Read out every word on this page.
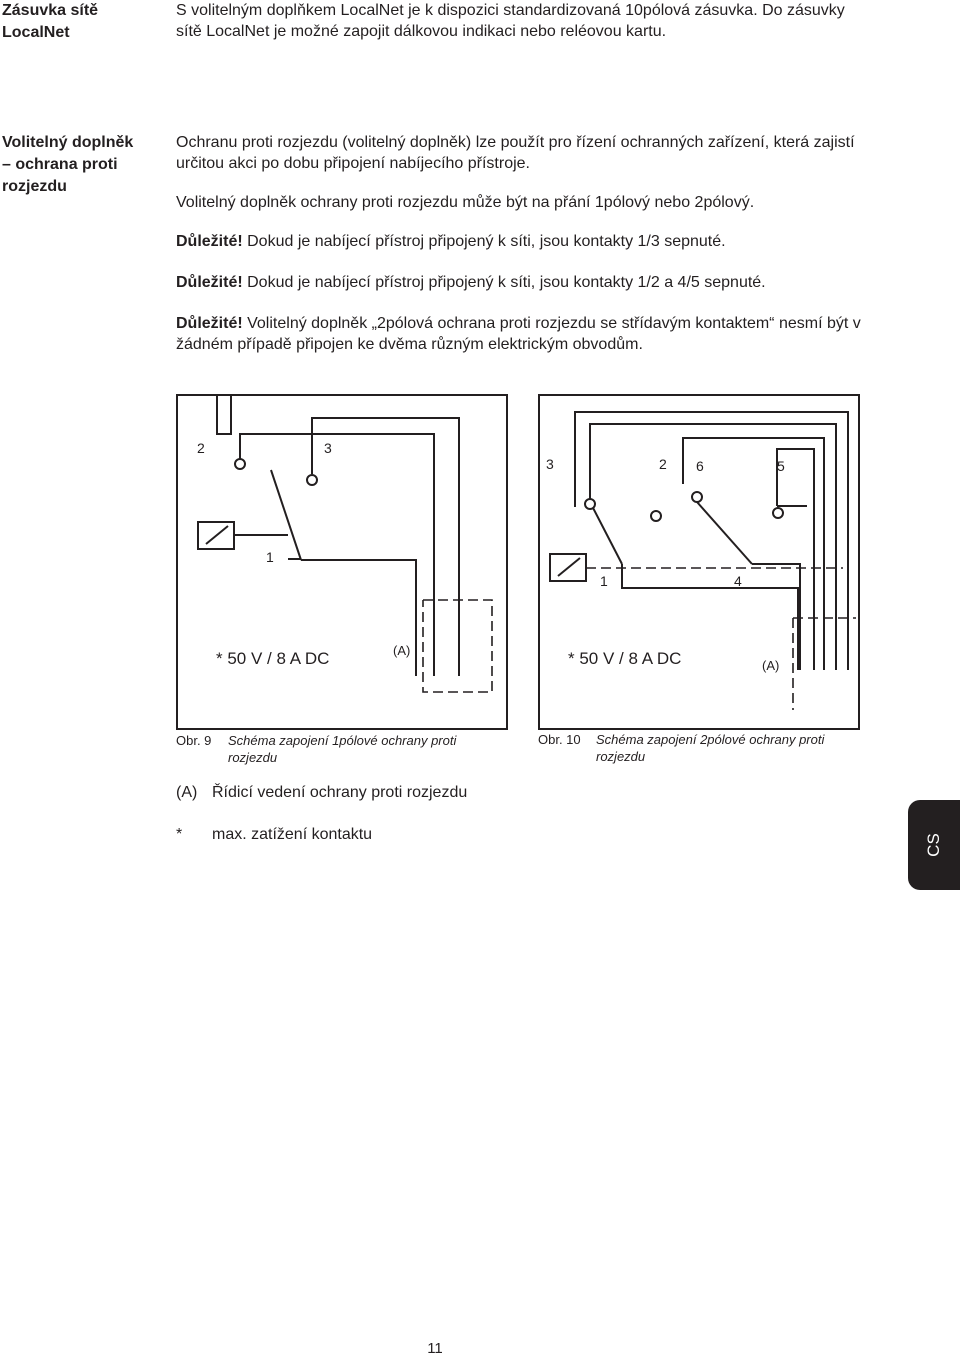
Zásuvka sítě
LocalNet

S volitelným doplňkem LocalNet je k dispozici standardizovaná 10pólová zásuvka. Do zásuvky sítě LocalNet je možné zapojit dálkovou indikaci nebo reléovou kartu.

Volitelný doplněk
– ochrana proti
rozjezdu

Ochranu proti rozjezdu (volitelný doplněk) lze použít pro řízení ochranných zařízení, která zajistí určitou akci po dobu připojení nabíjecího přístroje.

Volitelný doplněk ochrany proti rozjezdu může být na přání 1pólový nebo 2pólový.

Důležité! Dokud je nabíjecí přístroj připojený k síti, jsou kontakty 1/3 sepnuté.

Důležité! Dokud je nabíjecí přístroj připojený k síti, jsou kontakty 1/2 a 4/5 sepnuté.

Důležité! Volitelný doplněk „2pólová ochrana proti rozjezdu se střídavým kontaktem“ nesmí být v žádném případě připojen ke dvěma různým elektrickým obvodům.

2	3
1
* 50 V / 8 A DC	(A)
3	2 6	5
1	4
* 50 V / 8 A DC	(A)
Obr. 9	Schéma zapojení 1pólové ochrany proti
rozjezdu
Obr. 10	Schéma zapojení 2pólové ochrany proti
rozjezdu
(A) Řídicí vedení ochrany proti rozjezdu
* max. zatížení kontaktu	CS
11
